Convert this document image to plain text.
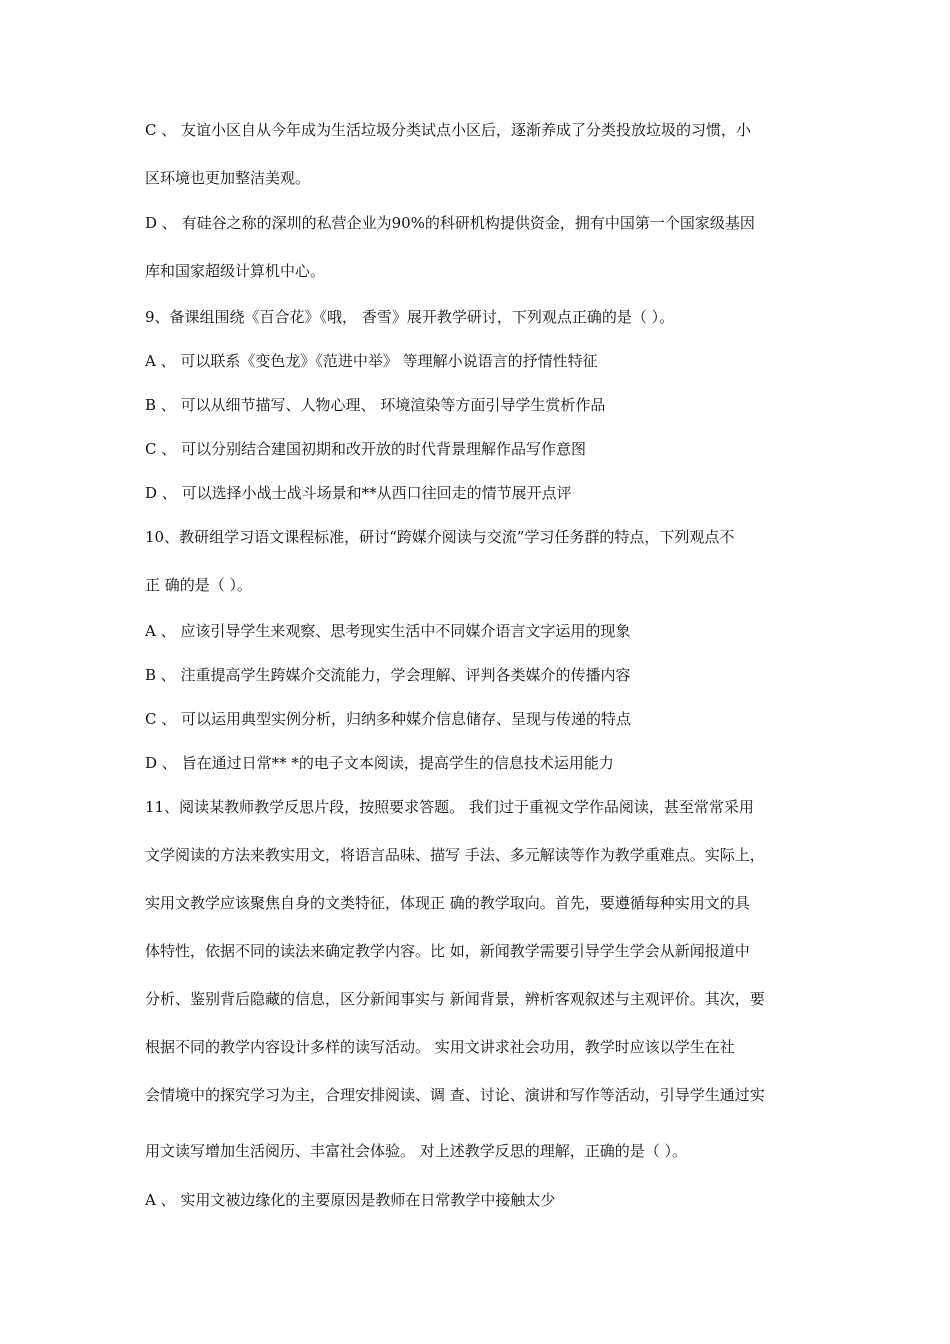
C 、 友谊小区自从今年成为生活垃圾分类试点小区后，逐渐养成了分类投放垃圾的习惯，小
区环境也更加整洁美观。
D 、 有硅谷之称的深圳的私营企业为90%的科研机构提供资金，拥有中国第一个国家级基因
库和国家超级计算机中心。
9、备课组围绕《百合花》《哦， 香雪》展开教学研讨，下列观点正确的是（ ）。
A 、 可以联系《变色龙》《范进中举》 等理解小说语言的抒情性特征
B 、 可以从细节描写、人物心理、 环境渲染等方面引导学生赏析作品
C 、 可以分别结合建国初期和改开放的时代背景理解作品写作意图
D 、 可以选择小战士战斗场景和**从西口往回走的情节展开点评
10、教研组学习语文课程标准，研讨“跨媒介阅读与交流”学习任务群的特点，下列观点不
正 确的是（ ）。
A 、 应该引导学生来观察、思考现实生活中不同媒介语言文字运用的现象
B 、 注重提高学生跨媒介交流能力，学会理解、评判各类媒介的传播内容
C 、 可以运用典型实例分析，归纳多种媒介信息储存、呈现与传递的特点
D 、 旨在通过日常** *的电子文本阅读，提高学生的信息技术运用能力
11、阅读某教师教学反思片段，按照要求答题。 我们过于重视文学作品阅读，甚至常常采用
文学阅读的方法来教实用文，将语言品味、描写 手法、多元解读等作为教学重难点。实际上，
实用文教学应该聚焦自身的文类特征，体现正 确的教学取向。首先，要遵循每种实用文的具
体特性，依据不同的读法来确定教学内容。比 如，新闻教学需要引导学生学会从新闻报道中
分析、鉴别背后隐藏的信息，区分新闻事实与 新闻背景，辨析客观叙述与主观评价。其次，要
根据不同的教学内容设计多样的读写活动。 实用文讲求社会功用，教学时应该以学生在社
会情境中的探究学习为主，合理安排阅读、调 查、讨论、演讲和写作等活动，引导学生通过实
用文读写增加生活阅历、丰富社会体验。 对上述教学反思的理解，正确的是（ ）。
A 、 实用文被边缘化的主要原因是教师在日常教学中接触太少
